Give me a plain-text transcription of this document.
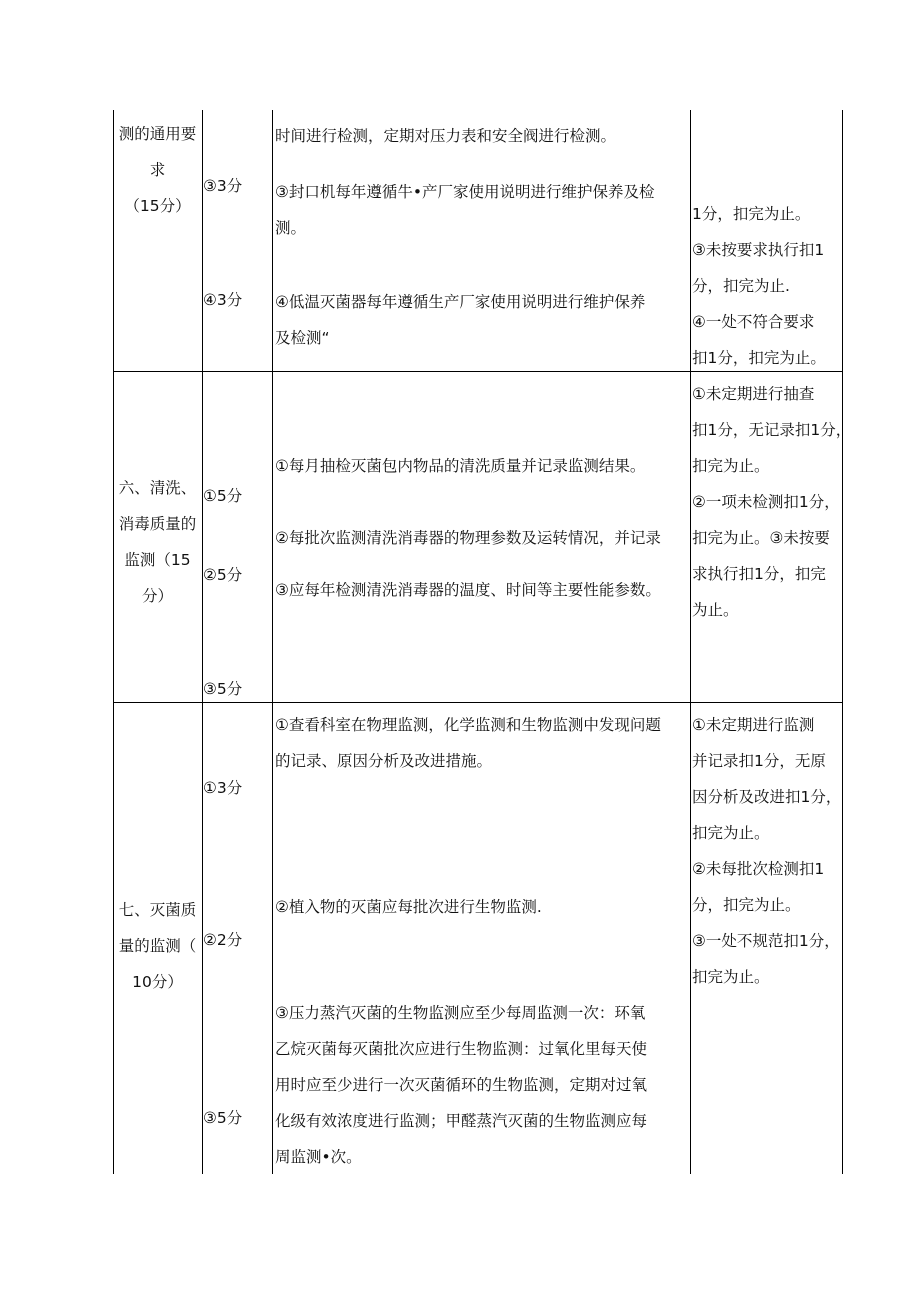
测的通用要
求
（15分）
③3分
④3分
时间进行检测，定期对压力表和安全阀进行检测。
③封口机每年遵循牛•产厂家使用说明进行维护保养及检
测。
④低温灭菌器每年遵循生产厂家使用说明进行维护保养
及检测“
1分，扣完为止。
③未按要求执行扣1
分，扣完为止.
④一处不符合要求
扣1分，扣完为止。
六、清洗、
消毒质量的
监测（15
分）
①5分
②5分
③5分
①每月抽检灭菌包内物品的清洗质量并记录监测结果。
②每批次监测清洗消毒器的物理参数及运转情况，并记录
③应每年检测清洗消毒器的温度、时间等主要性能参数。
①未定期进行抽查
扣1分，无记录扣1分，
扣完为止。
②一项未检测扣1分，
扣完为止。③未按要
求执行扣1分，扣完
为止。
七、灭菌质
量的监测（
10分）
①3分
②2分
③5分
①查看科室在物理监测，化学监测和生物监测中发现问题
的记录、原因分析及改进措施。
②植入物的灭菌应每批次进行生物监测.
③压力蒸汽灭菌的生物监测应至少每周监测一次：环氧
乙烷灭菌每灭菌批次应进行生物监测：过氧化里每天使
用时应至少进行一次灭菌循环的生物监测，定期对过氧
化级有效浓度进行监测；甲醛蒸汽灭菌的生物监测应每
周监测•次。
①未定期进行监测
并记录扣1分，无原
因分析及改进扣1分，
扣完为止。
②未每批次检测扣1
分，扣完为止。
③一处不规范扣1分，
扣完为止。
